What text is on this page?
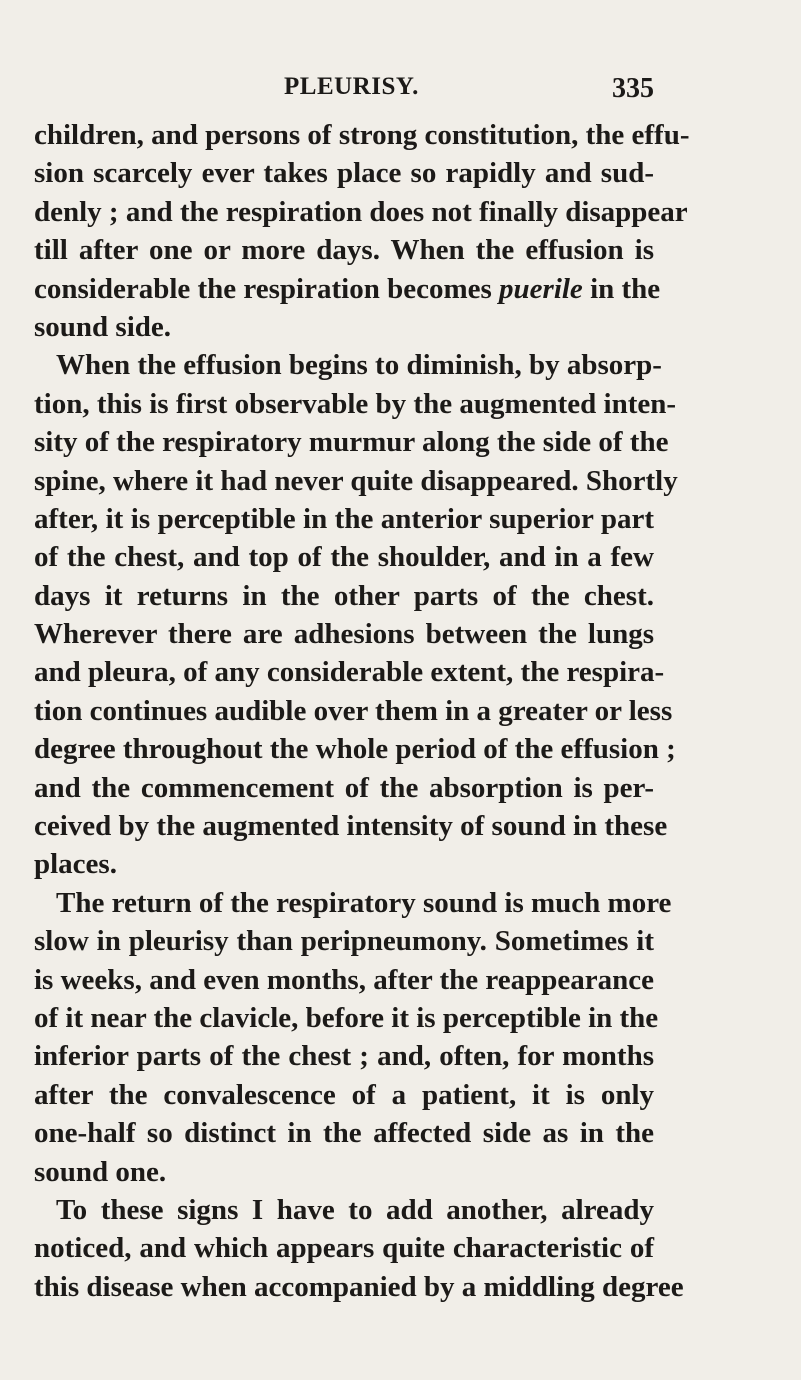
PLEURISY.	335
children, and persons of strong constitution, the effu-
sion scarcely ever takes place so rapidly and sud-
denly ; and the respiration does not finally disappear
till after one or more days. When the effusion is
considerable the respiration becomes puerile in the
sound side.
When the effusion begins to diminish, by absorp-
tion, this is first observable by the augmented inten-
sity of the respiratory murmur along the side of the
spine, where it had never quite disappeared. Shortly
after, it is perceptible in the anterior superior part
of the chest, and top of the shoulder, and in a few
days it returns in the other parts of the chest.
Wherever there are adhesions between the lungs
and pleura, of any considerable extent, the respira-
tion continues audible over them in a greater or less
degree throughout the whole period of the effusion ;
and the commencement of the absorption is per-
ceived by the augmented intensity of sound in these
places.
The return of the respiratory sound is much more
slow in pleurisy than peripneumony. Sometimes it
is weeks, and even months, after the reappearance
of it near the clavicle, before it is perceptible in the
inferior parts of the chest ; and, often, for months
after the convalescence of a patient, it is only
one-half so distinct in the affected side as in the
sound one.
To these signs I have to add another, already
noticed, and which appears quite characteristic of
this disease when accompanied by a middling degree
